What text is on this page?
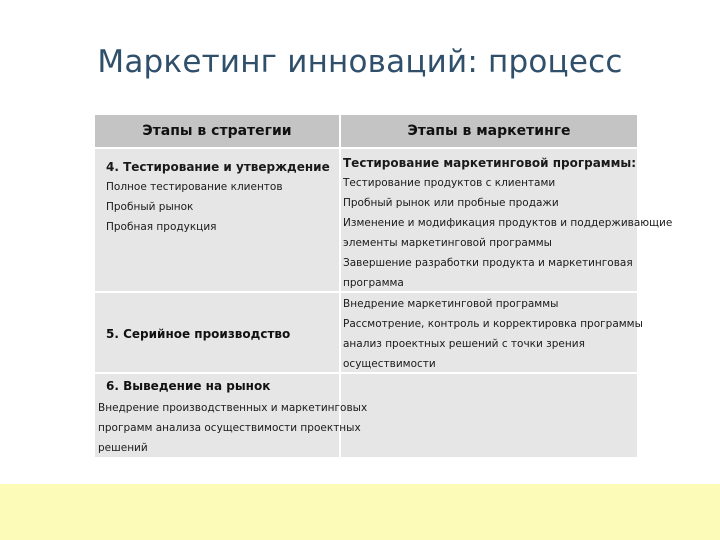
Маркетинг инноваций: процесс
Этапы в стратегии	Этапы в маркетинге
4. Тестирование и утверждение
Полное тестирование клиентов
Пробный рынок
Пробная продукция
Тестирование маркетинговой программы:
Тестирование продуктов с клиентами
Пробный рынок или пробные продажи
Изменение и модификация продуктов и поддерживающие
элементы маркетинговой программы
Завершение разработки продукта и маркетинговая
программа
5. Серийное производство
Внедрение маркетинговой программы
Рассмотрение, контроль и корректировка программы
анализ проектных решений с точки зрения
осуществимости
6. Выведение на рынок
Внедрение производственных и маркетинговых
программ анализа осуществимости проектных
решений
